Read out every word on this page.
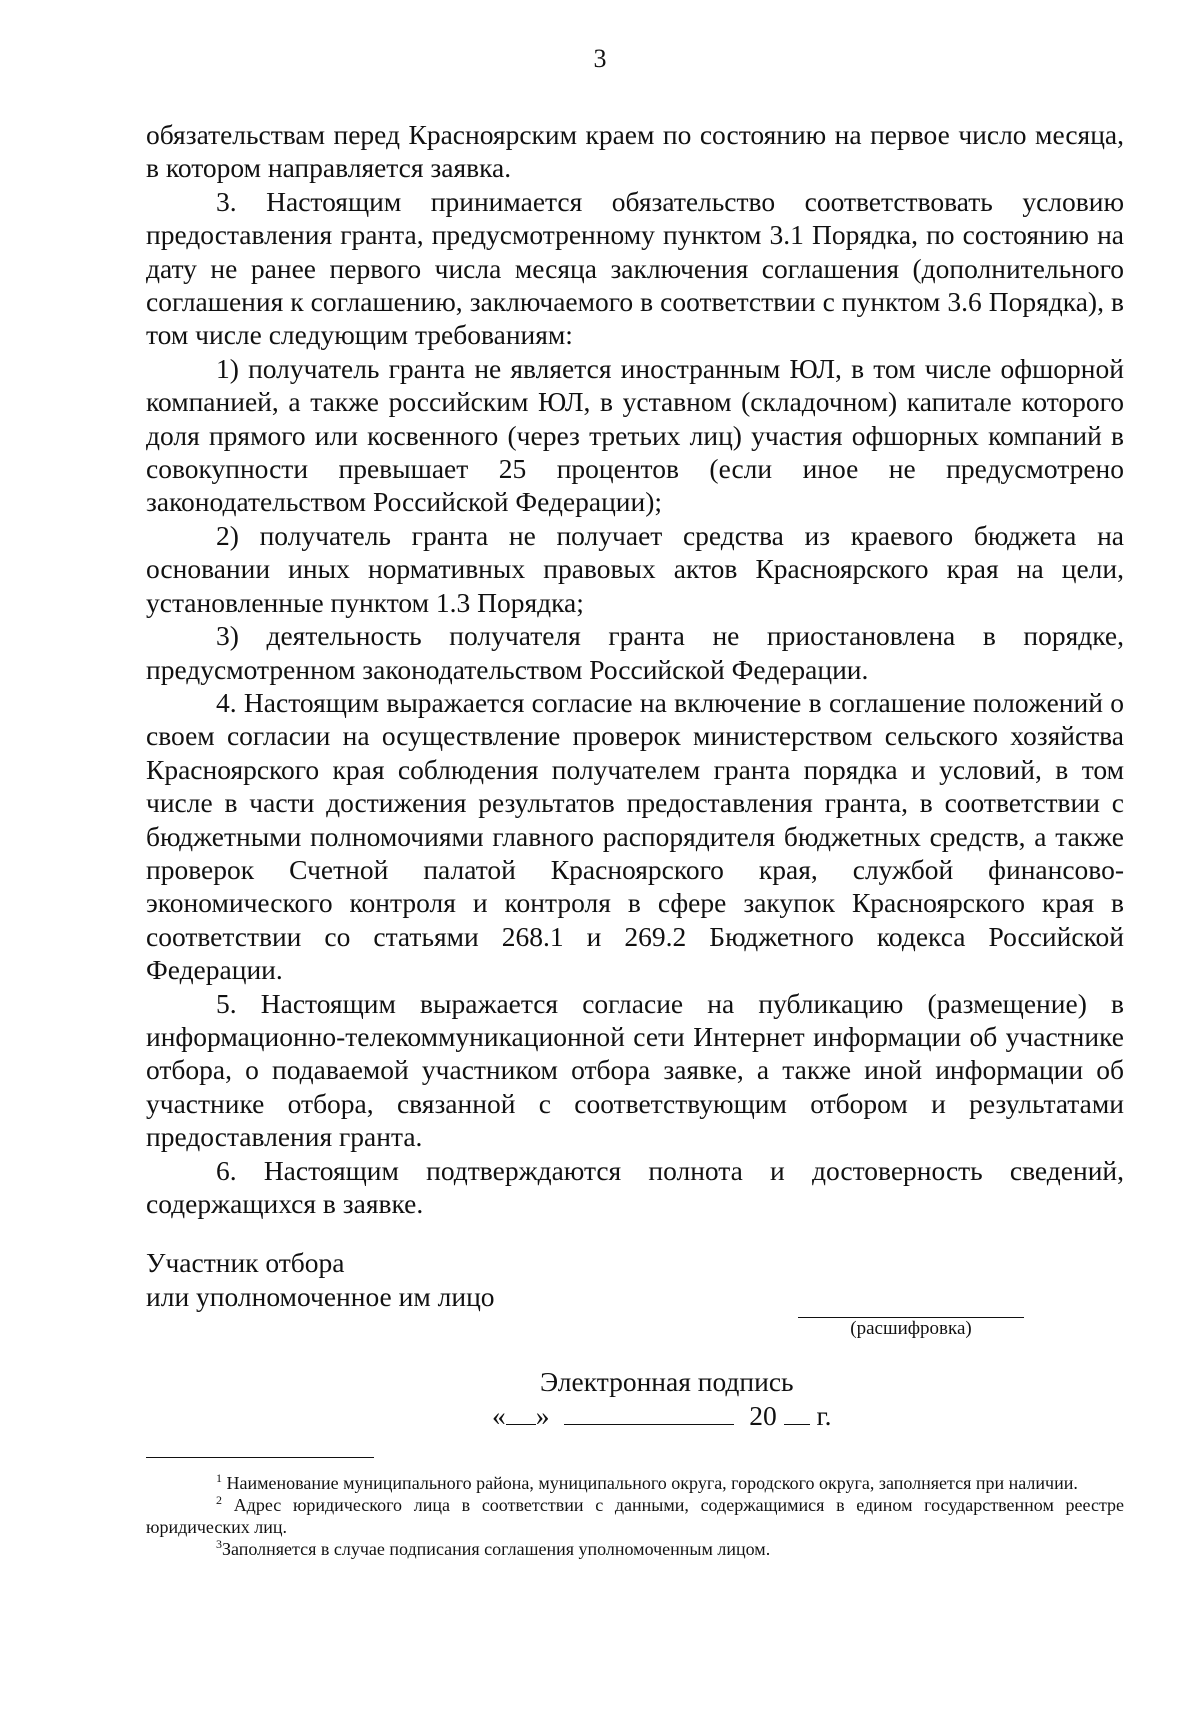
3

обязательствам перед Красноярским краем по состоянию на первое число месяца, в котором направляется заявка.

3. Настоящим принимается обязательство соответствовать условию предоставления гранта, предусмотренному пунктом 3.1 Порядка, по состоянию на дату не ранее первого числа месяца заключения соглашения (дополнительного соглашения к соглашению, заключаемого в соответствии с пунктом 3.6 Порядка), в том числе следующим требованиям:

1) получатель гранта не является иностранным ЮЛ, в том числе офшорной компанией, а также российским ЮЛ, в уставном (складочном) капитале которого доля прямого или косвенного (через третьих лиц) участия офшорных компаний в совокупности превышает 25 процентов (если иное не предусмотрено законодательством Российской Федерации);

2) получатель гранта не получает средства из краевого бюджета на основании иных нормативных правовых актов Красноярского края на цели, установленные пунктом 1.3 Порядка;

3) деятельность получателя гранта не приостановлена в порядке, предусмотренном законодательством Российской Федерации.

4. Настоящим выражается согласие на включение в соглашение положений о своем согласии на осуществление проверок министерством сельского хозяйства Красноярского края соблюдения получателем гранта порядка и условий, в том числе в части достижения результатов предоставления гранта, в соответствии с бюджетными полномочиями главного распорядителя бюджетных средств, а также проверок Счетной палатой Красноярского края, службой финансово-экономического контроля и контроля в сфере закупок Красноярского края в соответствии со статьями 268.1 и 269.2 Бюджетного кодекса Российской Федерации.

5. Настоящим выражается согласие на публикацию (размещение) в информационно-телекоммуникационной сети Интернет информации об участнике отбора, о подаваемой участником отбора заявке, а также иной информации об участнике отбора, связанной с соответствующим отбором и результатами предоставления гранта.

6. Настоящим подтверждаются полнота и достоверность сведений, содержащихся в заявке.

Участник отбора
или уполномоченное им лицо
(расшифровка)
Электронная подпись
« »	20 г.

$^1$ Наименование муниципального района, муниципального округа, городского округа, заполняется при наличии.

$^2$ Адрес юридического лица в соответствии с данными, содержащимися в едином государственном реестре юридических лиц.

$^3$Заполняется в случае подписания соглашения уполномоченным лицом.
